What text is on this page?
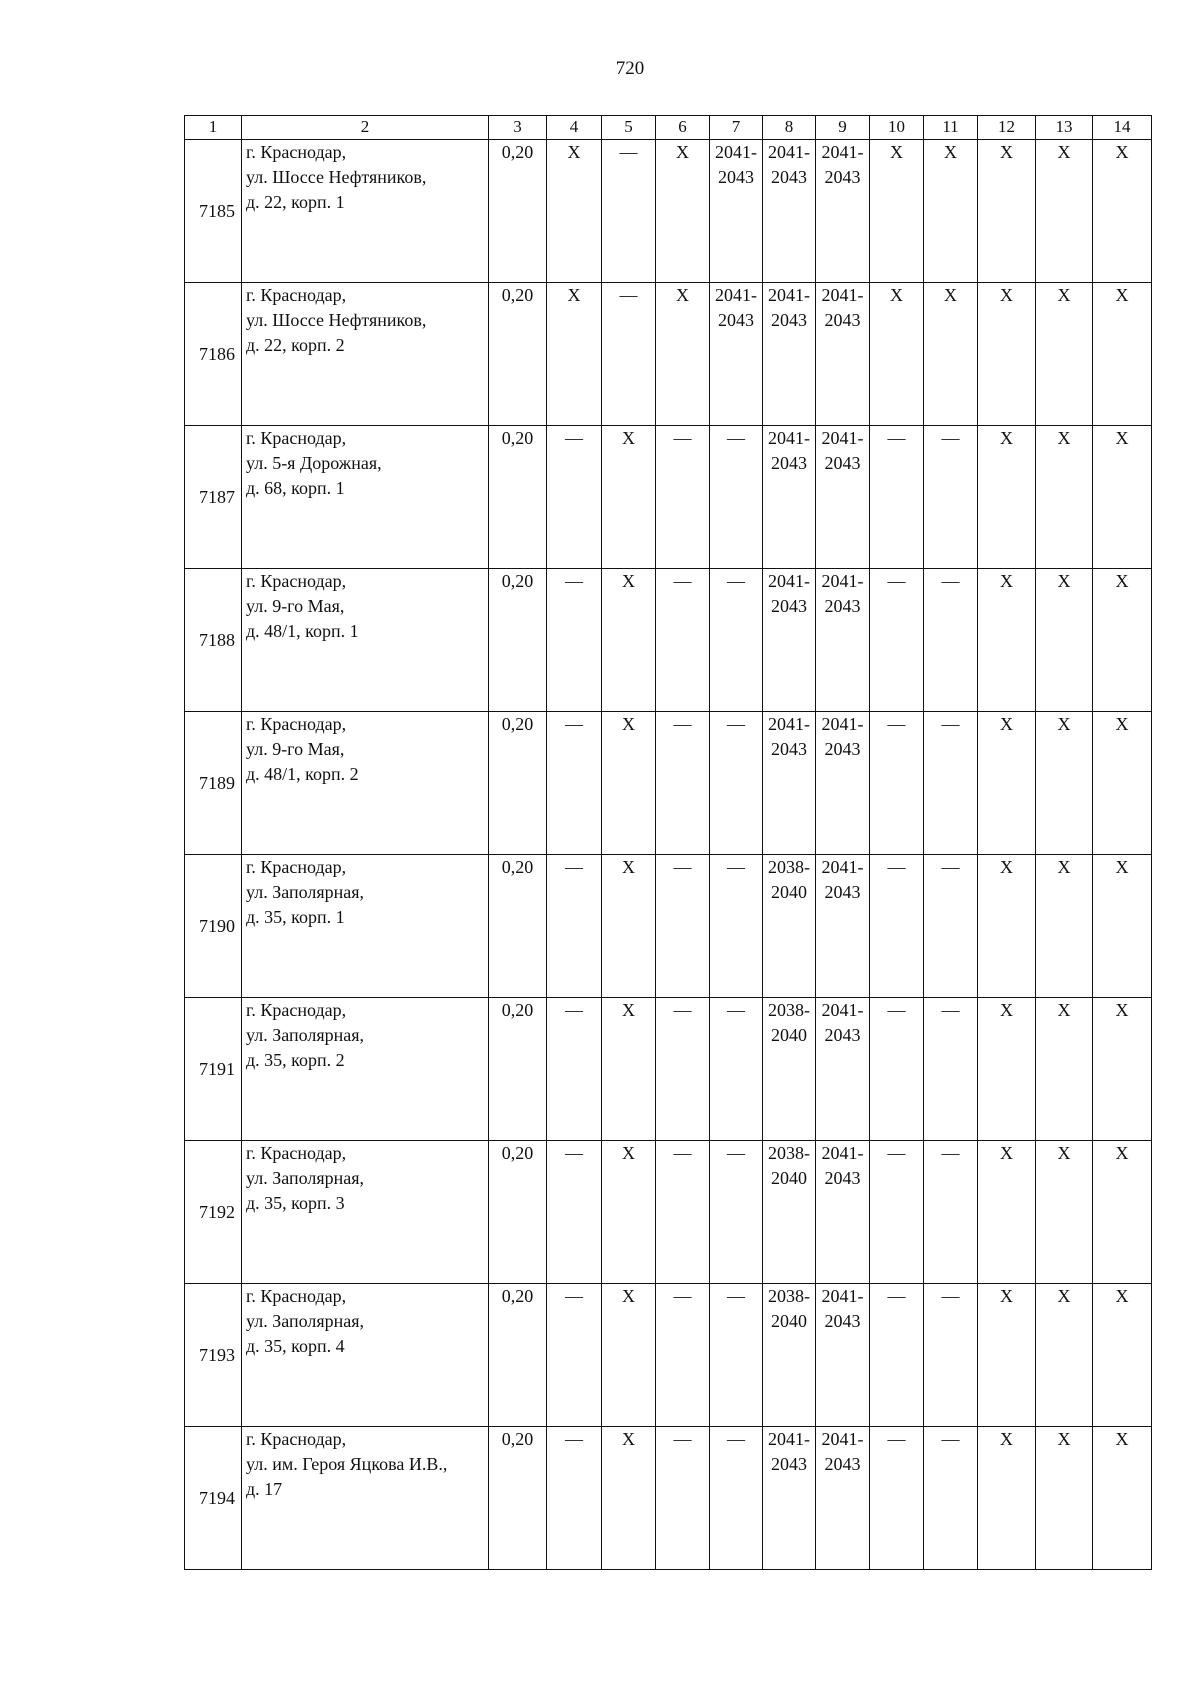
720
1	2	3	4	5	6	7	8	9	10	11	12	13	14
7185	г. Краснодар,
ул. Шоссе Нефтяников,
д. 22, корп. 1	0,20	X	—	X	2041-
2043	2041-
2043	2041-
2043	X	X	X	X	X
7186	г. Краснодар,
ул. Шоссе Нефтяников,
д. 22, корп. 2	0,20	X	—	X	2041-
2043	2041-
2043	2041-
2043	X	X	X	X	X
7187	г. Краснодар,
ул. 5-я Дорожная,
д. 68, корп. 1	0,20	—	X	—	—	2041-
2043	2041-
2043	—	—	X	X	X
7188	г. Краснодар,
ул. 9-го Мая,
д. 48/1, корп. 1	0,20	—	X	—	—	2041-
2043	2041-
2043	—	—	X	X	X
7189	г. Краснодар,
ул. 9-го Мая,
д. 48/1, корп. 2	0,20	—	X	—	—	2041-
2043	2041-
2043	—	—	X	X	X
7190	г. Краснодар,
ул. Заполярная,
д. 35, корп. 1	0,20	—	X	—	—	2038-
2040	2041-
2043	—	—	X	X	X
7191	г. Краснодар,
ул. Заполярная,
д. 35, корп. 2	0,20	—	X	—	—	2038-
2040	2041-
2043	—	—	X	X	X
7192	г. Краснодар,
ул. Заполярная,
д. 35, корп. 3	0,20	—	X	—	—	2038-
2040	2041-
2043	—	—	X	X	X
7193	г. Краснодар,
ул. Заполярная,
д. 35, корп. 4	0,20	—	X	—	—	2038-
2040	2041-
2043	—	—	X	X	X
7194	г. Краснодар,
ул. им. Героя Яцкова И.В.,
д. 17	0,20	—	X	—	—	2041-
2043	2041-
2043	—	—	X	X	X
